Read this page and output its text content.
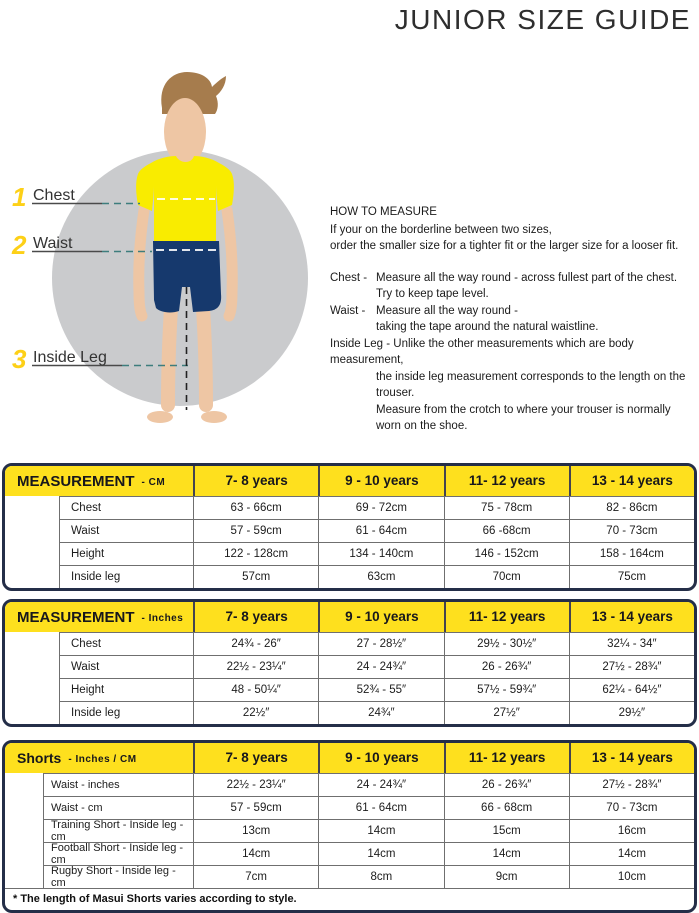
JUNIOR SIZE GUIDE
1 Chest
2 Waist
3 Inside Leg
HOW TO MEASURE
If your on the borderline between two sizes,
order the smaller size for a tighter fit or the larger size for a looser fit.
Chest - Measure all the way round - across fullest part of the chest.
Try to keep tape level.
Waist - Measure all the way round -
taking the tape around the natural waistline.
Inside Leg - Unlike the other measurements which are body measurement,
the inside leg measurement corresponds to the length on the trouser.
Measure from the crotch to where your trouser is normally worn on the shoe.
MEASUREMENT - CM	7- 8 years	9 - 10 years	11- 12 years	13 - 14 years
Chest	63 - 66cm	69 - 72cm	75 - 78cm	82 - 86cm
Waist	57 - 59cm	61 - 64cm	66 -68cm	70 - 73cm
Height	122 - 128cm	134 - 140cm	146 - 152cm	158 - 164cm
Inside leg	57cm	63cm	70cm	75cm
MEASUREMENT - Inches	7- 8 years	9 - 10 years	11- 12 years	13 - 14 years
Chest	24¾ - 26″	27 - 28½″	29½ - 30½″	32¼ - 34″
Waist	22½ - 23¼″	24 - 24¾″	26 - 26¾″	27½ - 28¾″
Height	48 - 50¼″	52¾ - 55″	57½ - 59¾″	62¼ - 64½″
Inside leg	22½″	24¾″	27½″	29½″
Shorts - Inches / CM	7- 8 years	9 - 10 years	11- 12 years	13 - 14 years
Waist - inches	22½ - 23¼″	24 - 24¾″	26 - 26¾″	27½ - 28¾″
Waist - cm	57 - 59cm	61 - 64cm	66 - 68cm	70 - 73cm
Training Short - Inside leg - cm	13cm	14cm	15cm	16cm
Football Short - Inside leg - cm	14cm	14cm	14cm	14cm
Rugby Short - Inside leg - cm	7cm	8cm	9cm	10cm
* The length of Masui Shorts varies according to style.
